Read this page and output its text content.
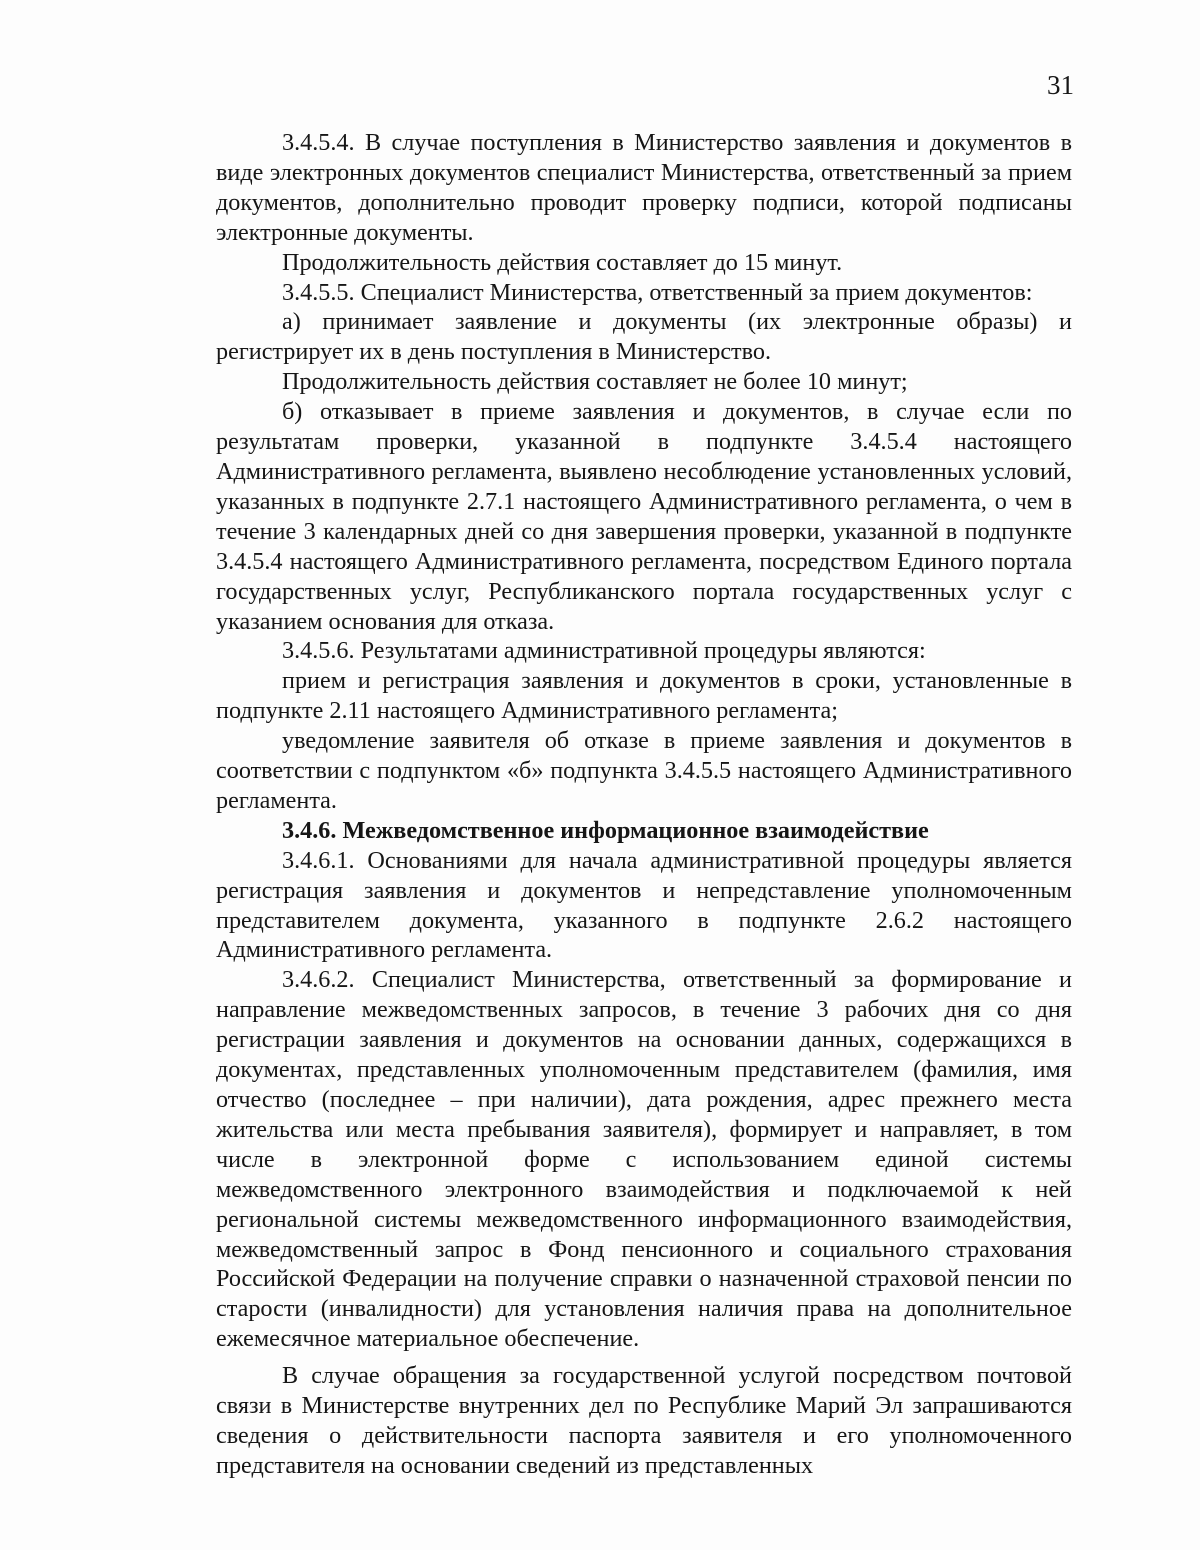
31

3.4.5.4. В случае поступления в Министерство заявления и документов в виде электронных документов специалист Министерства, ответственный за прием документов, дополнительно проводит проверку подписи, которой подписаны электронные документы.

Продолжительность действия составляет до 15 минут.

3.4.5.5. Специалист Министерства, ответственный за прием документов:

а) принимает заявление и документы (их электронные образы) и регистрирует их в день поступления в Министерство.

Продолжительность действия составляет не более 10 минут;

б) отказывает в приеме заявления и документов, в случае если по результатам проверки, указанной в подпункте 3.4.5.4 настоящего Административного регламента, выявлено несоблюдение установленных условий, указанных в подпункте 2.7.1 настоящего Административного регламента, о чем в течение 3 календарных дней со дня завершения проверки, указанной в подпункте 3.4.5.4 настоящего Административного регламента, посредством Единого портала государственных услуг, Республиканского портала государственных услуг с указанием основания для отказа.

3.4.5.6. Результатами административной процедуры являются:

прием и регистрация заявления и документов в сроки, установленные в подпункте 2.11 настоящего Административного регламента;

уведомление заявителя об отказе в приеме заявления и документов в соответствии с подпунктом «б» подпункта 3.4.5.5 настоящего Административного регламента.

3.4.6. Межведомственное информационное взаимодействие

3.4.6.1. Основаниями для начала административной процедуры является регистрация заявления и документов и непредставление уполномоченным представителем документа, указанного в подпункте 2.6.2 настоящего Административного регламента.

3.4.6.2. Специалист Министерства, ответственный за формирование и направление межведомственных запросов, в течение 3 рабочих дня со дня регистрации заявления и документов на основании данных, содержащихся в документах, представленных уполномоченным представителем (фамилия, имя отчество (последнее – при наличии), дата рождения, адрес прежнего места жительства или места пребывания заявителя), формирует и направляет, в том числе в электронной форме с использованием единой системы межведомственного электронного взаимодействия и подключаемой к ней региональной системы межведомственного информационного взаимодействия, межведомственный запрос в Фонд пенсионного и социального страхования Российской Федерации на получение справки о назначенной страховой пенсии по старости (инвалидности) для установления наличия права на дополнительное ежемесячное материальное обеспечение.

В случае обращения за государственной услугой посредством почтовой связи в Министерстве внутренних дел по Республике Марий Эл запрашиваются сведения о действительности паспорта заявителя и его уполномоченного представителя на основании сведений из представленных
